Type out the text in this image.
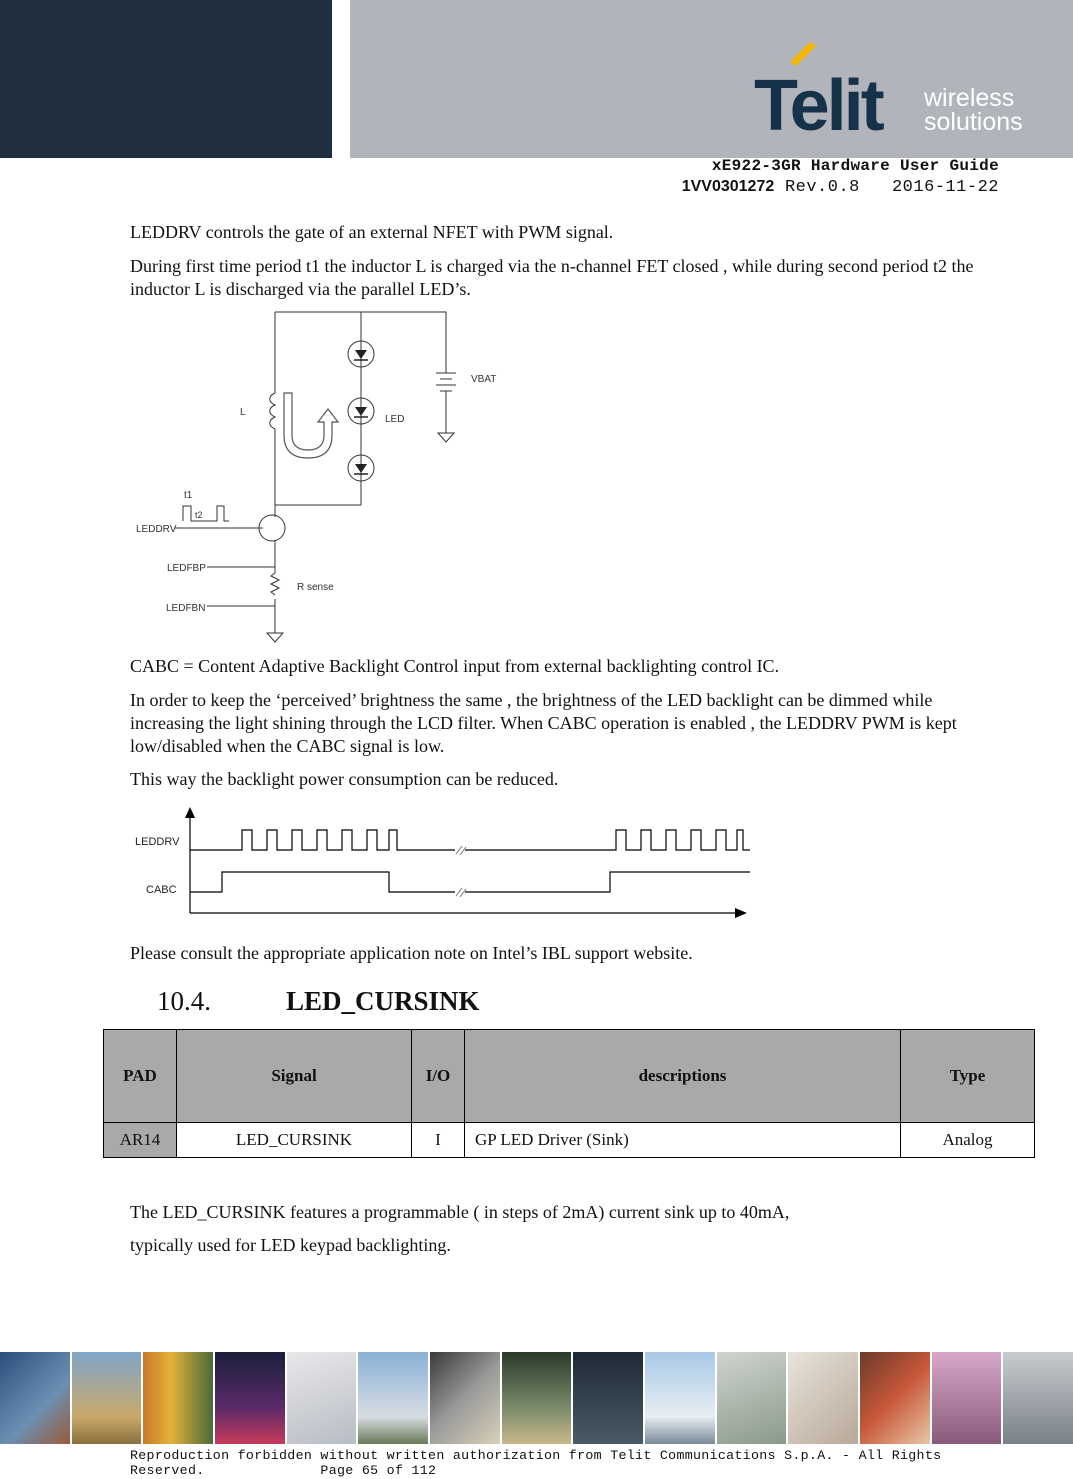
Telit wireless
solutions
xE922-3GR Hardware User Guide
1VV0301272 Rev.0.8 2016-11-22
LEDDRV controls the gate of an external NFET with PWM signal.
During first time period t1 the inductor L is charged via the n-channel FET closed , while during second period t2 the inductor L is discharged via the parallel LED’s.
L
VBAT
LED
t1
t2
LEDDRV
LEDFBP
LEDFBN
R sense
CABC = Content Adaptive Backlight Control input from external backlighting control IC.
In order to keep the ‘perceived’ brightness the same , the brightness of the LED backlight can be dimmed while increasing the light shining through the LCD filter. When CABC operation is enabled , the LEDDRV PWM is kept low/disabled when the CABC signal is low.
This way the backlight power consumption can be reduced.
LEDDRV
CABC
Please consult the appropriate application note on Intel’s IBL support website.
10.4.	LED_CURSINK
PAD	Signal	I/O	descriptions	Type
AR14	LED_CURSINK	I	GP LED Driver (Sink)	Analog
The LED_CURSINK features a programmable ( in steps of 2mA) current sink up to 40mA,
typically used for LED keypad backlighting.
Reproduction forbidden without written authorization from Telit Communications S.p.A. - All Rights
Reserved.              Page 65 of 112
